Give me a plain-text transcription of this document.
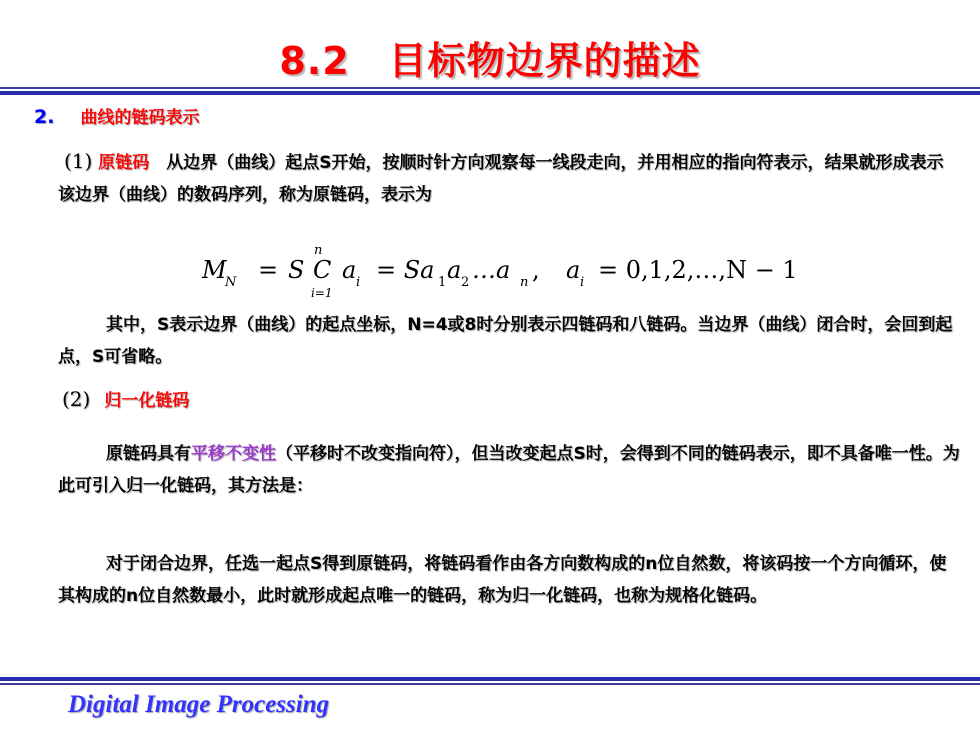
8.2　目标物边界的描述
2. 曲线的链码表示
(1) 原链码　从边界（曲线）起点S开始，按顺时针方向观察每一线段走向，并用相应的指向符表示，结果就形成表示该边界（曲线）的数码序列，称为原链码，表示为
M
N = S
n
C
i=1
a i = Sa 1 a 2 …a n , a i = 0,1,2,…,N − 1
其中，S表示边界（曲线）的起点坐标，N=4或8时分别表示四链码和八链码。当边界（曲线）闭合时，会回到起点，S可省略。
(2) 归一化链码
原链码具有平移不变性（平移时不改变指向符），但当改变起点S时，会得到不同的链码表示，即不具备唯一性。为此可引入归一化链码，其方法是：
对于闭合边界，任选一起点S得到原链码，将链码看作由各方向数构成的n位自然数，将该码按一个方向循环，使其构成的n位自然数最小，此时就形成起点唯一的链码，称为归一化链码，也称为规格化链码。
Digital Image Processing
